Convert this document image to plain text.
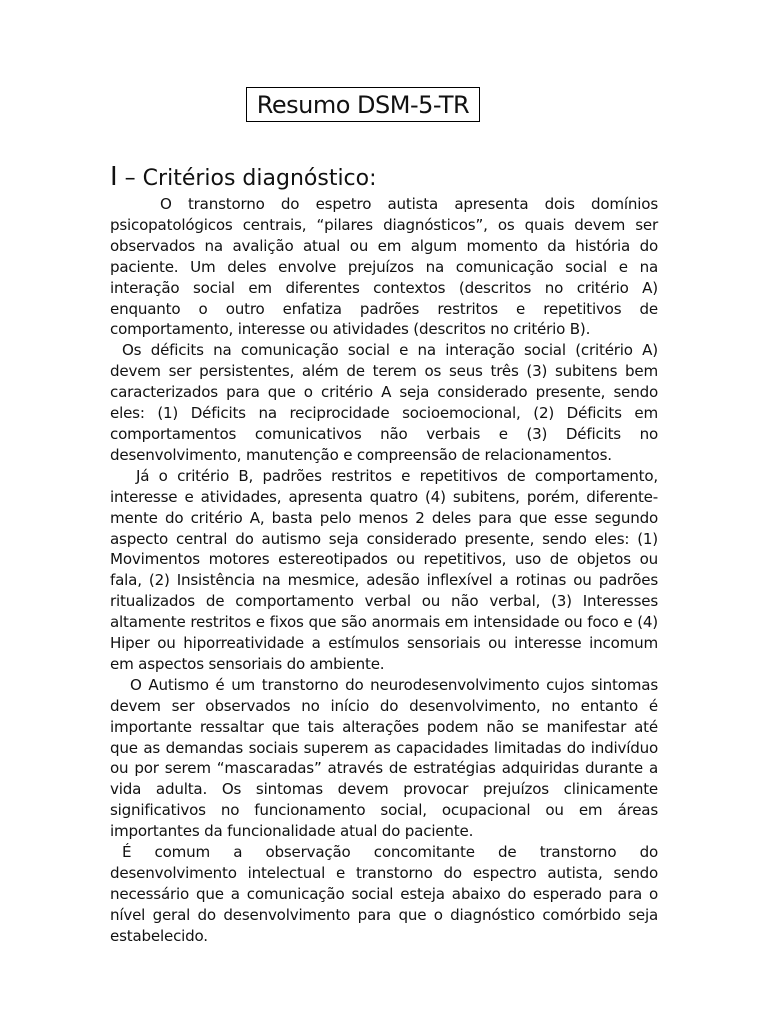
Resumo DSM-5-TR
I – Critérios diagnóstico:

O transtorno do espetro autista apresenta dois domínios psicopatológicos centrais, “pilares diagnósticos”, os quais devem ser observados na avalição atual ou em algum momento da história do paciente. Um deles envolve prejuízos na comunicação social e na interação social em diferentes contextos (descritos no critério A) enquanto o outro enfatiza padrões restritos e repetitivos de comportamento, interesse ou atividades (descritos no critério B).

Os déficits na comunicação social e na interação social (critério A) devem ser persistentes, além de terem os seus três (3) subitens bem caracterizados para que o critério A seja considerado presente, sendo eles: (1) Déficits na reciprocidade socioemocional, (2) Déficits em comportamentos comunicativos não verbais e (3) Déficits no desenvolvimento, manutenção e compreensão de relacionamentos.

Já o critério B, padrões restritos e repetitivos de comportamento, interesse e atividades, apresenta quatro (4) subitens, porém, diferente-mente do critério A, basta pelo menos 2 deles para que esse segundo aspecto central do autismo seja considerado presente, sendo eles: (1) Movimentos motores estereotipados ou repetitivos, uso de objetos ou fala, (2) Insistência na mesmice, adesão inflexível a rotinas ou padrões ritualizados de comportamento verbal ou não verbal, (3) Interesses altamente restritos e fixos que são anormais em intensidade ou foco e (4) Hiper ou hiporreatividade a estímulos sensoriais ou interesse incomum em aspectos sensoriais do ambiente.

O Autismo é um transtorno do neurodesenvolvimento cujos sintomas devem ser observados no início do desenvolvimento, no entanto é importante ressaltar que tais alterações podem não se manifestar até que as demandas sociais superem as capacidades limitadas do indivíduo ou por serem “mascaradas” através de estratégias adquiridas durante a vida adulta. Os sintomas devem provocar prejuízos clinicamente significativos no funcionamento social, ocupacional ou em áreas importantes da funcionalidade atual do paciente.

É comum a observação concomitante de transtorno do desenvolvimento intelectual e transtorno do espectro autista, sendo necessário que a comunicação social esteja abaixo do esperado para o nível geral do desenvolvimento para que o diagnóstico comórbido seja estabelecido.
